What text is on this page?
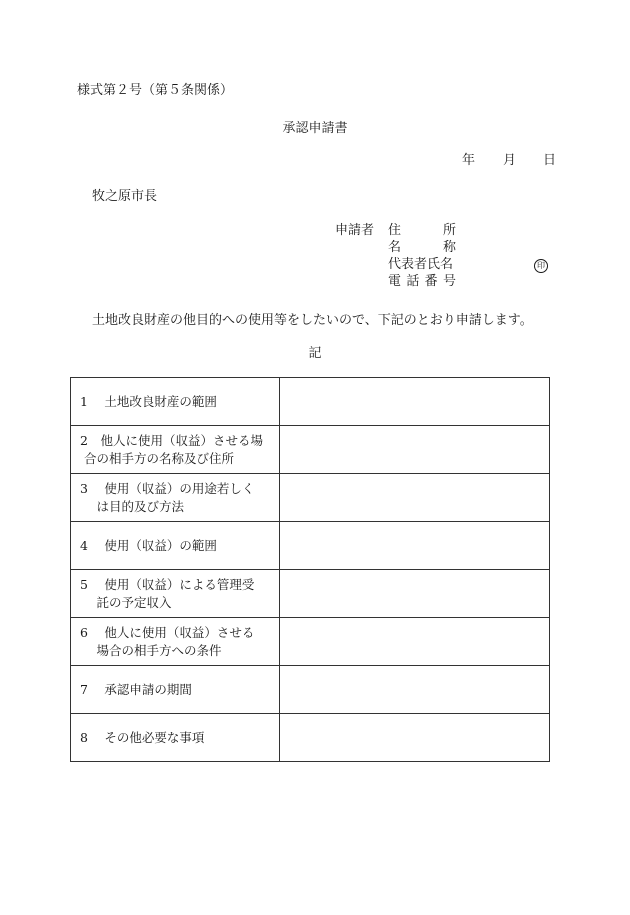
様式第２号（第５条関係）
承認申請書
年 月 日
牧之原市長
申請者 住	所
名	称
代表者氏名
電 話 番 号
印
土地改良財産の他目的への使用等をしたいので、下記のとおり申請します。
記
1　 土地改良財産の範囲	

2　他人に使用（収益）させる場
合の相手方の名称及び住所	

3　 使用（収益）の用途若しく
　は目的及び方法	

4　 使用（収益）の範囲	

5　 使用（収益）による管理受
　託の予定収入	

6　 他人に使用（収益）させる
　場合の相手方への条件	

7　 承認申請の期間	

8　 その他必要な事項	
